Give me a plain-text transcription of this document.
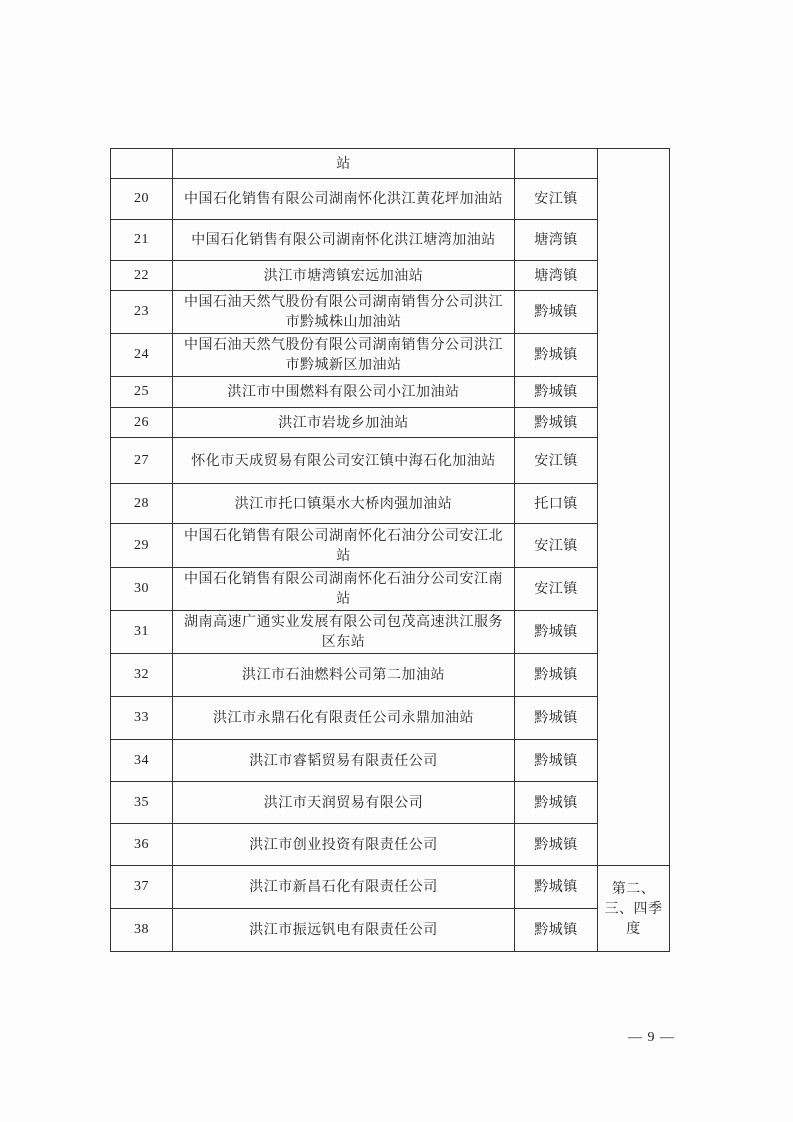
	站		
20	中国石化销售有限公司湖南怀化洪江黄花坪加油站	安江镇	
21	中国石化销售有限公司湖南怀化洪江塘湾加油站	塘湾镇	
22	洪江市塘湾镇宏远加油站	塘湾镇	
23	中国石油天然气股份有限公司湖南销售分公司洪江市黔城株山加油站	黔城镇	
24	中国石油天然气股份有限公司湖南销售分公司洪江市黔城新区加油站	黔城镇	
25	洪江市中围燃料有限公司小江加油站	黔城镇	
26	洪江市岩垅乡加油站	黔城镇	
27	怀化市天成贸易有限公司安江镇中海石化加油站	安江镇	
28	洪江市托口镇渠水大桥肉强加油站	托口镇	
29	中国石化销售有限公司湖南怀化石油分公司安江北站	安江镇	
30	中国石化销售有限公司湖南怀化石油分公司安江南站	安江镇	
31	湖南高速广通实业发展有限公司包茂高速洪江服务区东站	黔城镇	
32	洪江市石油燃料公司第二加油站	黔城镇	
33	洪江市永鼎石化有限责任公司永鼎加油站	黔城镇	
34	洪江市睿韬贸易有限责任公司	黔城镇	
35	洪江市天润贸易有限公司	黔城镇	
36	洪江市创业投资有限责任公司	黔城镇	
37	洪江市新昌石化有限责任公司	黔城镇	第二、三、四季度
38	洪江市振远钒电有限责任公司	黔城镇	
— 9 —
